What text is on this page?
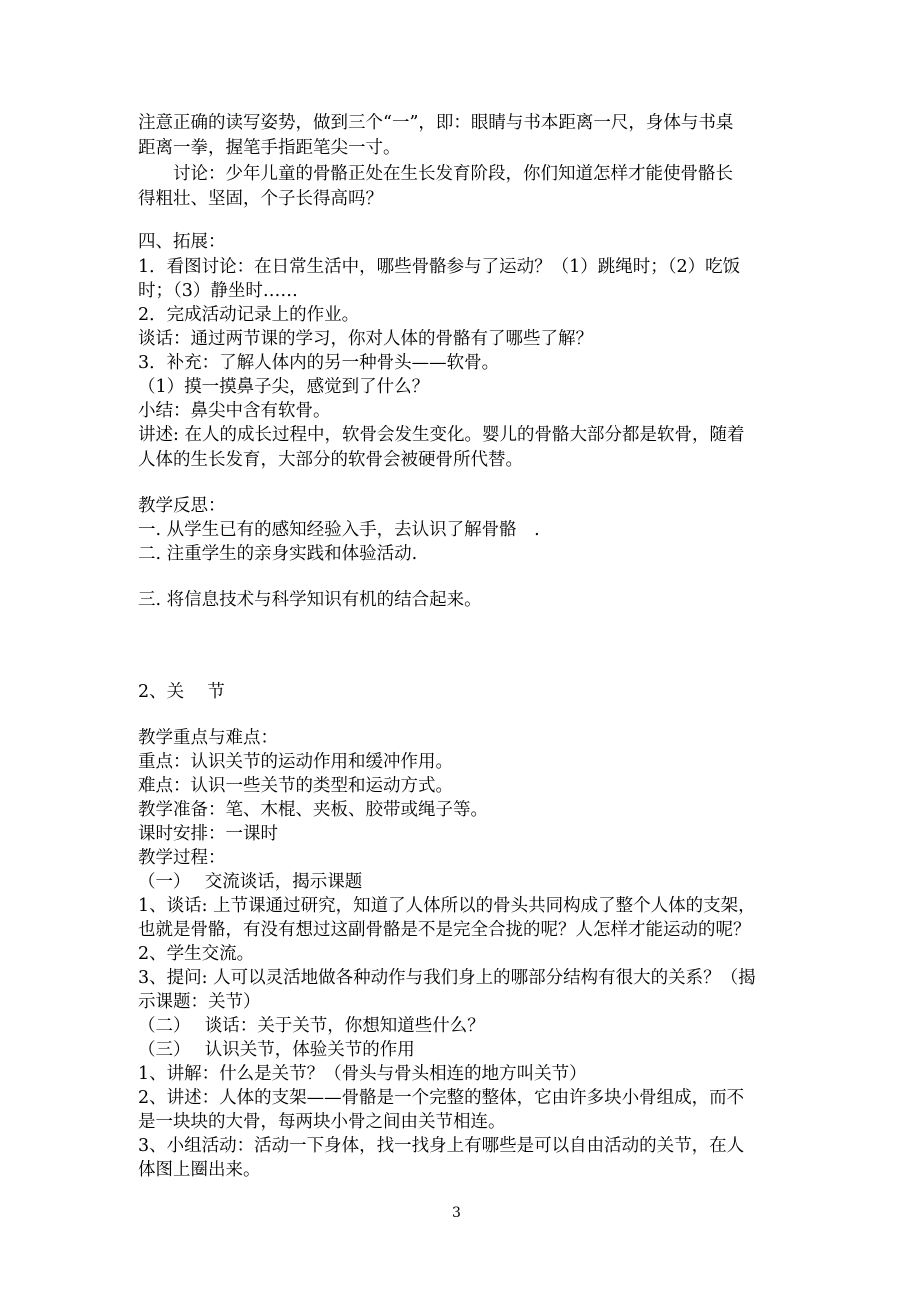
注意正确的读写姿势，做到三个“一”，即：眼睛与书本距离一尺，身体与书桌
距离一拳，握笔手指距笔尖一寸。
讨论：少年儿童的骨骼正处在生长发育阶段，你们知道怎样才能使骨骼长
得粗壮、坚固，个子长得高吗？
四、拓展：
1．看图讨论：在日常生活中，哪些骨骼参与了运动？（1）跳绳时；（2）吃饭
时；（3）静坐时……
2．完成活动记录上的作业。
谈话：通过两节课的学习，你对人体的骨骼有了哪些了解？
3．补充：了解人体内的另一种骨头——软骨。
（1）摸一摸鼻子尖，感觉到了什么？
小结：鼻尖中含有软骨。
讲述: 在人的成长过程中，软骨会发生变化。婴儿的骨骼大部分都是软骨，随着
人体的生长发育，大部分的软骨会被硬骨所代替。
教学反思：
一. 从学生已有的感知经验入手，去认识了解骨骼　.
二. 注重学生的亲身实践和体验活动.
三. 将信息技术与科学知识有机的结合起来。
2、关　 节
教学重点与难点：
重点：认识关节的运动作用和缓冲作用。
难点：认识一些关节的类型和运动方式。
教学准备：笔、木棍、夹板、胶带或绳子等。
课时安排：一课时
教学过程：
（一）　 交流谈话，揭示课题
1、谈话: 上节课通过研究，知道了人体所以的骨头共同构成了整个人体的支架，
也就是骨骼，有没有想过这副骨骼是不是完全合拢的呢？人怎样才能运动的呢？
2、学生交流。
3、提问: 人可以灵活地做各种动作与我们身上的哪部分结构有很大的关系？（揭
示课题：关节）
（二）　 谈话：关于关节，你想知道些什么？
（三）　 认识关节，体验关节的作用
1、讲解：什么是关节？（骨头与骨头相连的地方叫关节）
2、讲述：人体的支架——骨骼是一个完整的整体，它由许多块小骨组成，而不
是一块块的大骨，每两块小骨之间由关节相连。
3、小组活动：活动一下身体，找一找身上有哪些是可以自由活动的关节，在人
体图上圈出来。
3
